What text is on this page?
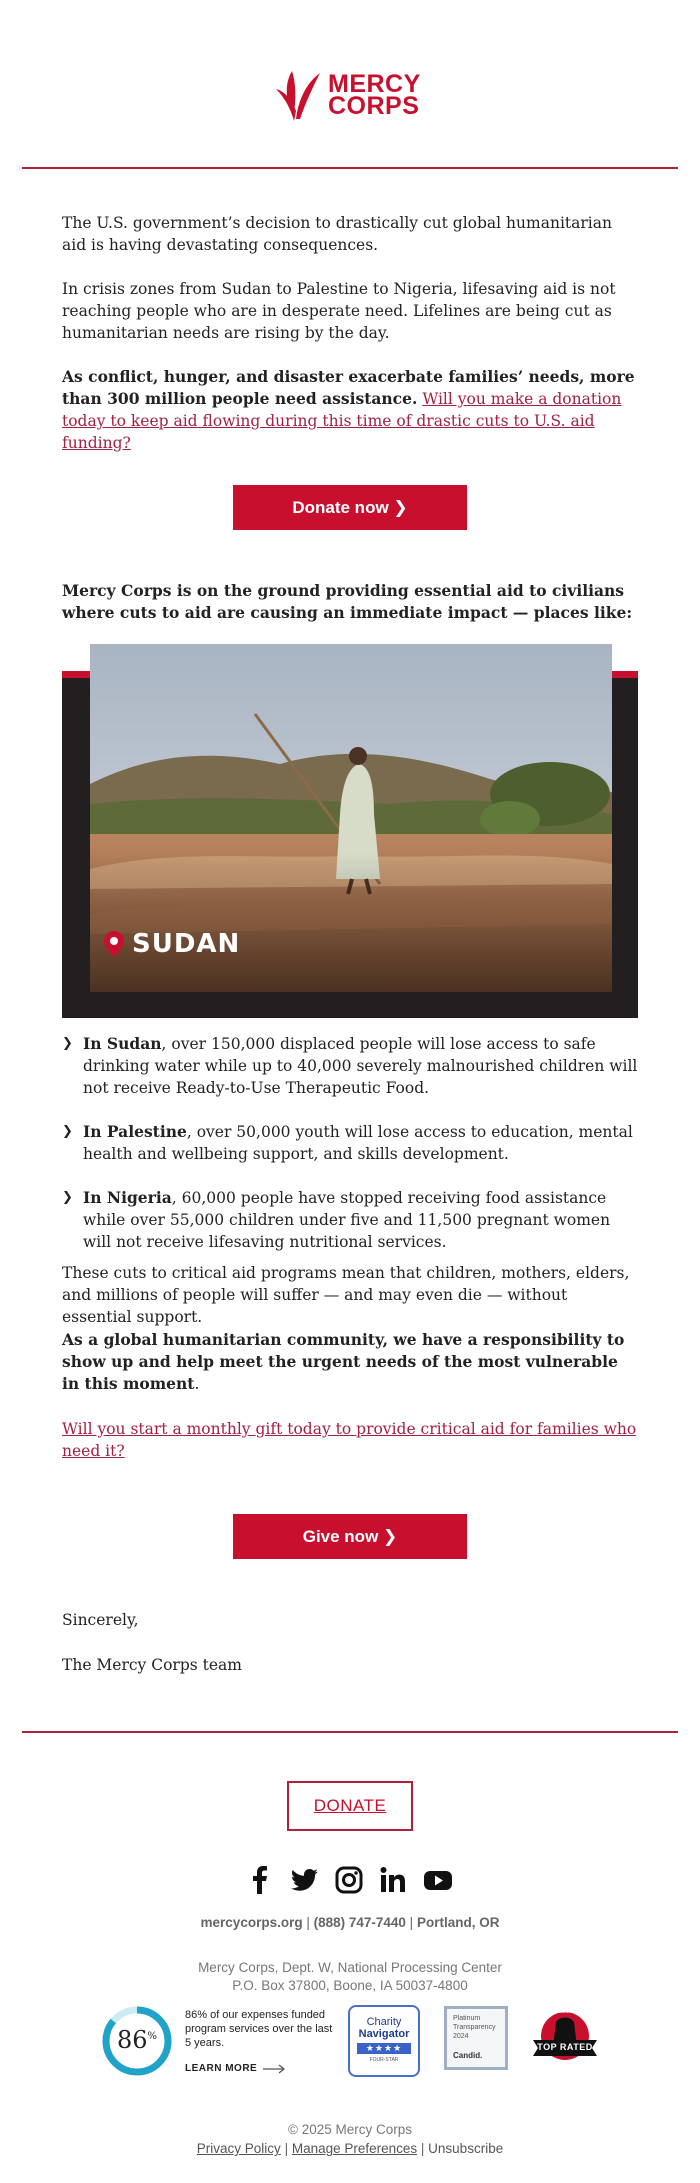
MERCY
CORPS

The U.S. government’s decision to drastically cut global humanitarian aid is having devastating consequences.

In crisis zones from Sudan to Palestine to Nigeria, lifesaving aid is not reaching people who are in desperate need. Lifelines are being cut as humanitarian needs are rising by the day.

As conflict, hunger, and disaster exacerbate families’ needs, more than 300 million people need assistance. Will you make a donation today to keep aid flowing during this time of drastic cuts to U.S. aid funding?

Donate now ❯
Mercy Corps is on the ground providing essential aid to civilians where cuts to aid are causing an immediate impact — places like:
SUDAN
❯ In Sudan, over 150,000 displaced people will lose access to safe drinking water while up to 40,000 severely malnourished children will not receive Ready-to-Use Therapeutic Food.
❯ In Palestine, over 50,000 youth will lose access to education, mental health and wellbeing support, and skills development.
❯ In Nigeria, 60,000 people have stopped receiving food assistance while over 55,000 children under five and 11,500 pregnant women will not receive lifesaving nutritional services.
These cuts to critical aid programs mean that children, mothers, elders, and millions of people will suffer — and may even die — without essential support.
As a global humanitarian community, we have a responsibility to show up and help meet the urgent needs of the most vulnerable in this moment.
Will you start a monthly gift today to provide critical aid for families who need it?
Give now ❯
Sincerely,
The Mercy Corps team
DONATE
mercycorps.org | (888) 747-7440 | Portland, OR
Mercy Corps, Dept. W, National Processing Center
P.O. Box 37800, Boone, IA 50037-4800
86%
86% of our expenses funded program services over the last 5 years.
LEARN MORE
Charity
Navigator
★★★★
FOUR-STAR
Platinum
Transparency
2024
Candid.
GREAT NONPROFITS
TOP RATED
© 2025 Mercy Corps
Privacy Policy | Manage Preferences | Unsubscribe
